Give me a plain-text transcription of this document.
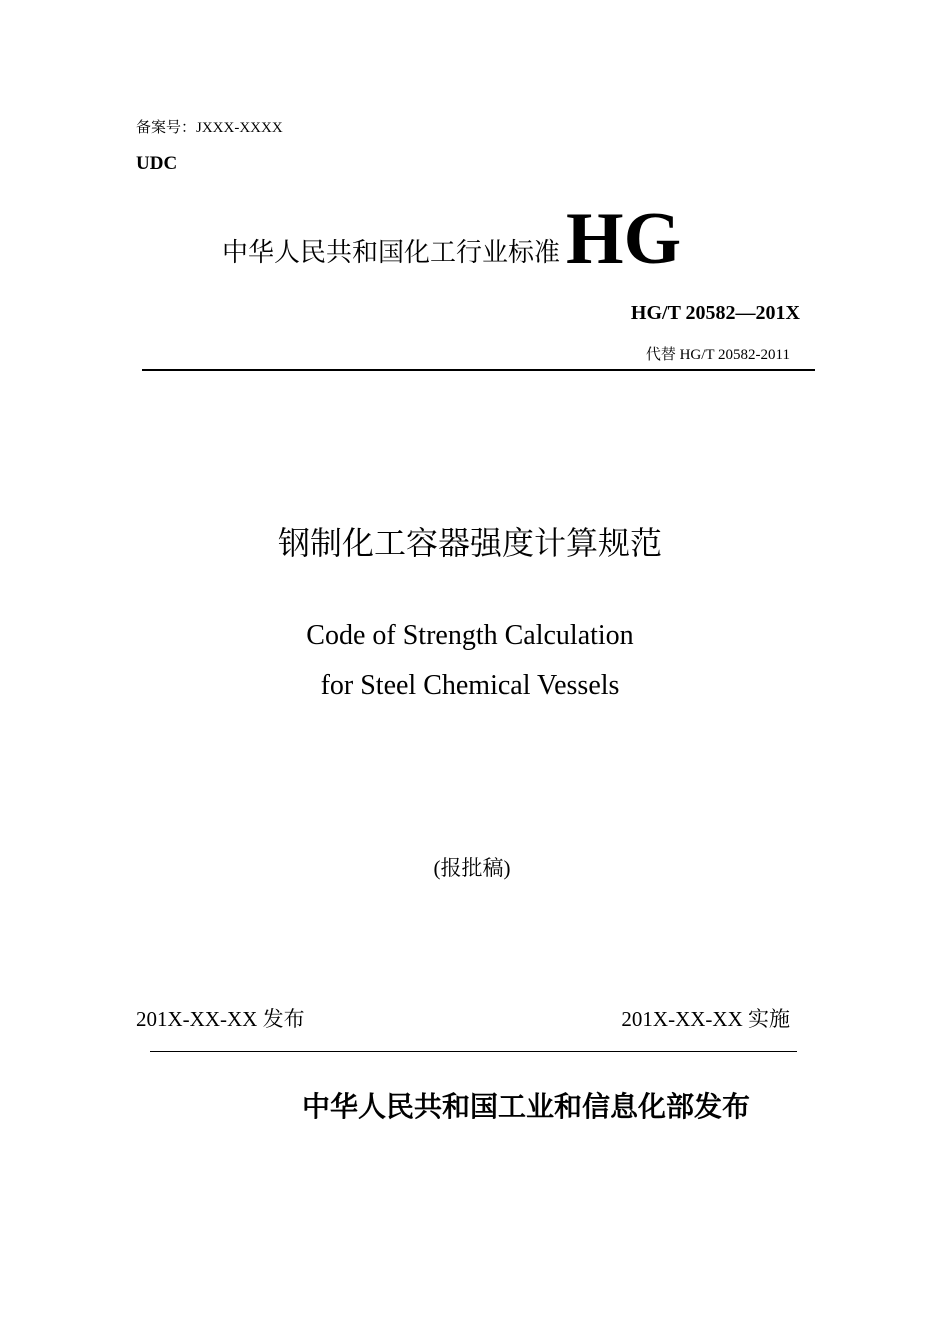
备案号：JXXX-XXXX
UDC
中华人民共和国化工行业标准 HG
HG/T 20582—201X
代替 HG/T 20582-2011
钢制化工容器强度计算规范
Code of Strength Calculation
for Steel Chemical Vessels
(报批稿)
201X-XX-XX 发布	201X-XX-XX 实施
中华人民共和国工业和信息化部发布
